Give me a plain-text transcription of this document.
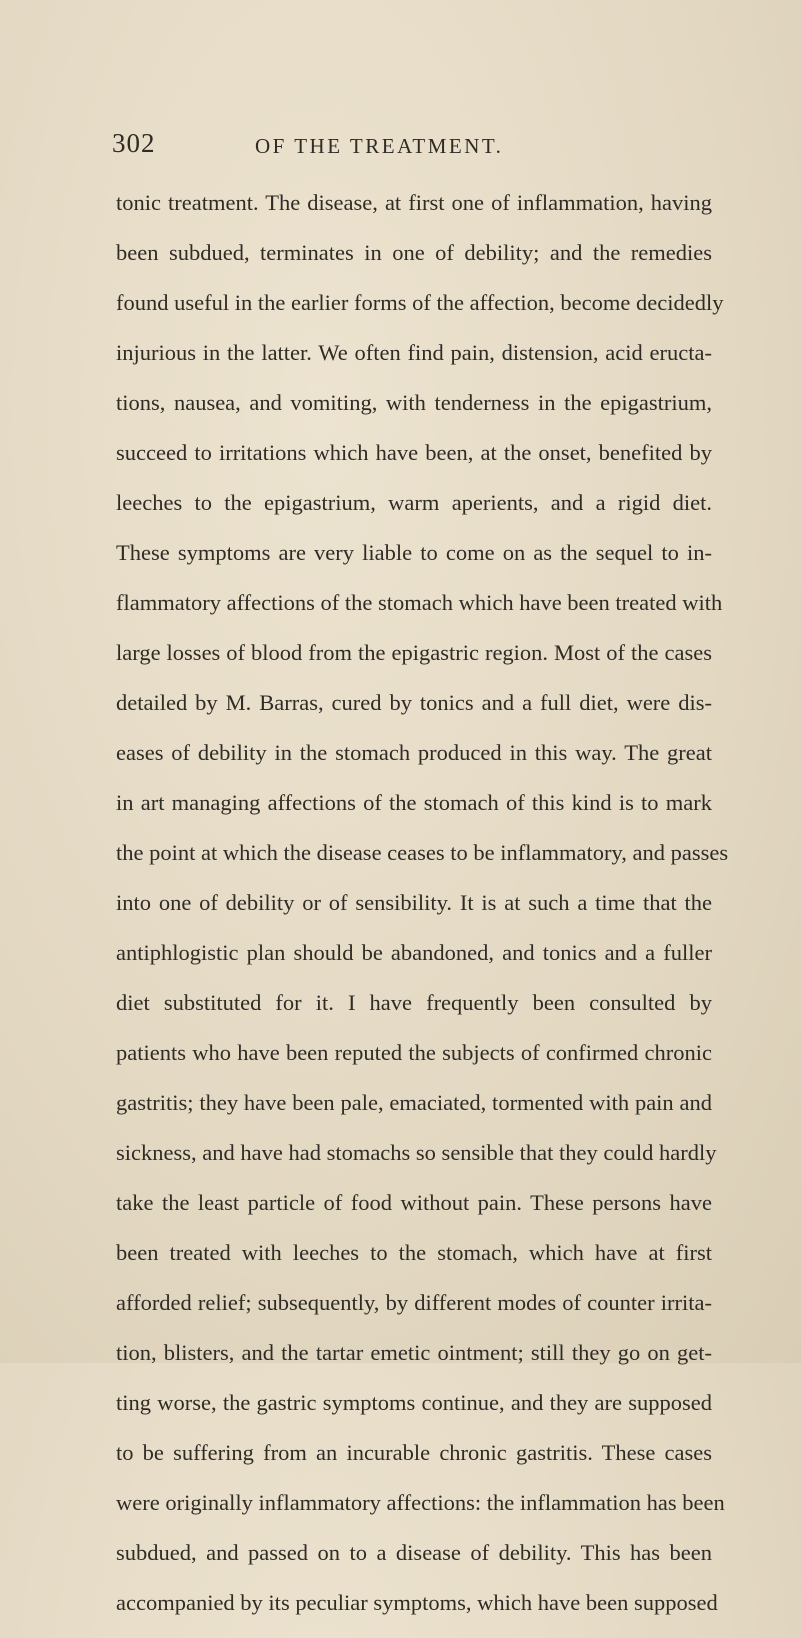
302	OF THE TREATMENT.
tonic treatment. The disease, at first one of inflammation, having
been subdued, terminates in one of debility; and the remedies
found useful in the earlier forms of the affection, become decidedly
injurious in the latter. We often find pain, distension, acid eructa-
tions, nausea, and vomiting, with tenderness in the epigastrium,
succeed to irritations which have been, at the onset, benefited by
leeches to the epigastrium, warm aperients, and a rigid diet.
These symptoms are very liable to come on as the sequel to in-
flammatory affections of the stomach which have been treated with
large losses of blood from the epigastric region. Most of the cases
detailed by M. Barras, cured by tonics and a full diet, were dis-
eases of debility in the stomach produced in this way. The great
in art managing affections of the stomach of this kind is to mark
the point at which the disease ceases to be inflammatory, and passes
into one of debility or of sensibility. It is at such a time that the
antiphlogistic plan should be abandoned, and tonics and a fuller
diet substituted for it. I have frequently been consulted by
patients who have been reputed the subjects of confirmed chronic
gastritis; they have been pale, emaciated, tormented with pain and
sickness, and have had stomachs so sensible that they could hardly
take the least particle of food without pain. These persons have
been treated with leeches to the stomach, which have at first
afforded relief; subsequently, by different modes of counter irrita-
tion, blisters, and the tartar emetic ointment; still they go on get-
ting worse, the gastric symptoms continue, and they are supposed
to be suffering from an incurable chronic gastritis. These cases
were originally inflammatory affections: the inflammation has been
subdued, and passed on to a disease of debility. This has been
accompanied by its peculiar symptoms, which have been supposed
